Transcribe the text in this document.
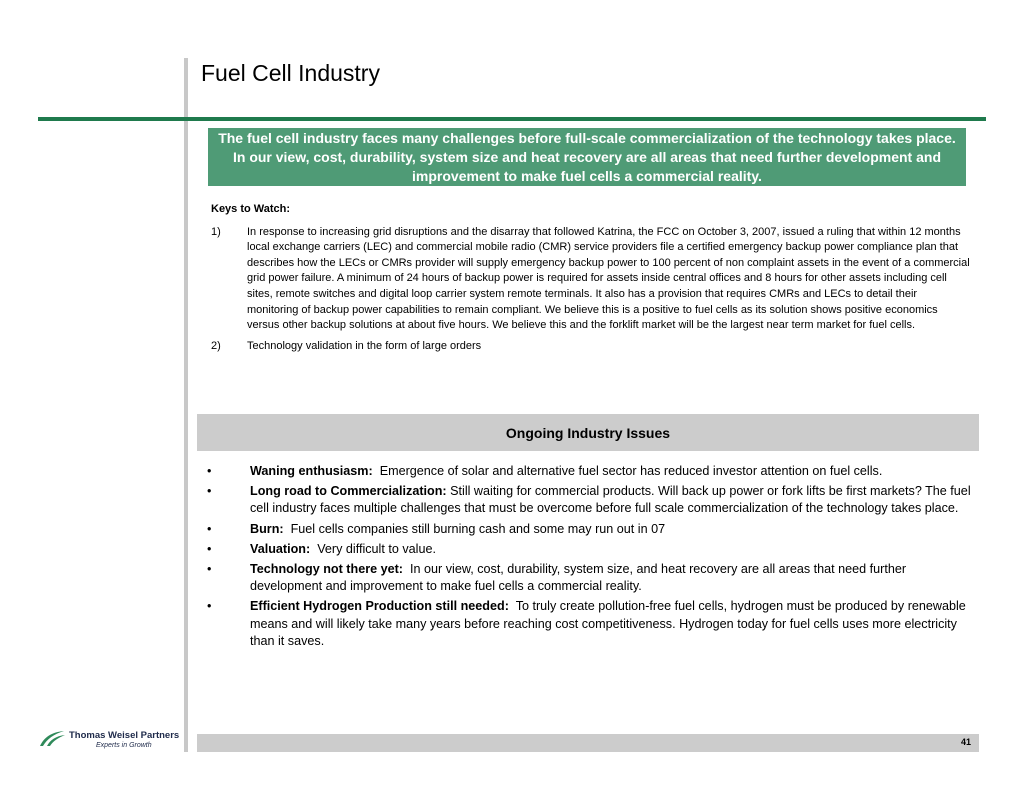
Fuel Cell Industry
The fuel cell industry faces many challenges before full-scale commercialization of the technology takes place. In our view, cost, durability, system size and heat recovery are all areas that need further development and improvement to make fuel cells a commercial reality.
Keys to Watch:
1)	In response to increasing grid disruptions and the disarray that followed Katrina, the FCC on October 3, 2007, issued a ruling that within 12 months local exchange carriers (LEC) and commercial mobile radio (CMR) service providers file a certified emergency backup power compliance plan that describes how the LECs or CMRs provider will supply emergency backup power to 100 percent of non complaint assets in the event of a commercial grid power failure. A minimum of 24 hours of backup power is required for assets inside central offices and 8 hours for other assets including cell sites, remote switches and digital loop carrier system remote terminals. It also has a provision that requires CMRs and LECs to detail their monitoring of backup power capabilities to remain compliant. We believe this is a positive to fuel cells as its solution shows positive economics versus other backup solutions at about five hours. We believe this and the forklift market will be the largest near term market for fuel cells.
2)	Technology validation in the form of large orders
Ongoing Industry Issues
•	Waning enthusiasm: Emergence of solar and alternative fuel sector has reduced investor attention on fuel cells.
•	Long road to Commercialization: Still waiting for commercial products. Will back up power or fork lifts be first markets? The fuel cell industry faces multiple challenges that must be overcome before full scale commercialization of the technology takes place.
•	Burn: Fuel cells companies still burning cash and some may run out in 07
•	Valuation: Very difficult to value.
•	Technology not there yet: In our view, cost, durability, system size, and heat recovery are all areas that need further development and improvement to make fuel cells a commercial reality.
•	Efficient Hydrogen Production still needed: To truly create pollution-free fuel cells, hydrogen must be produced by renewable means and will likely take many years before reaching cost competitiveness. Hydrogen today for fuel cells uses more electricity than it saves.
Thomas Weisel Partners
Experts in Growth	41
